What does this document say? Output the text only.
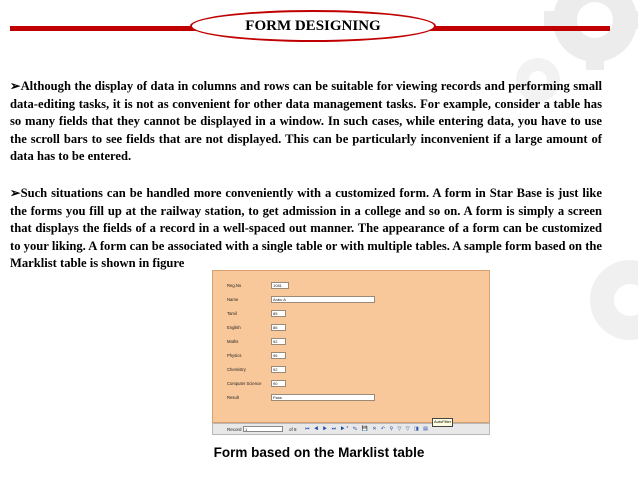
FORM DESIGNING

➢Although the display of data in columns and rows can be suitable for viewing records and performing small data-editing tasks, it is not as convenient for other data management tasks. For example, consider a table has so many fields that they cannot be displayed in a window. In such cases, while entering data, you have to use the scroll bars to see fields that are not displayed. This can be particularly inconvenient if a large amount of data has to be entered.

➢Such situations can be handled more conveniently with a customized form. A form in Star Base is just like the forms you fill up at the railway station, to get admission in a college and so on. A form is simply a screen that displays the fields of a record in a well-spaced out manner. The appearance of a form can be customized to your liking. A form can be associated with a single table or with multiple tables. A sample form based on the Marklist table is shown in figure

Reg.No	1081
Name	Anbu A
Tamil	85
English	86
Maths	92
Physics	96
Chemistry	92
Computer Science	90
Result	Pass
Record 1	of 8 ⏮ ◀ ▶ ⏭ ▶* ✎ 💾 ✕ ↶ ⚲ ▽ ▽ ◨ ▤
AutoFilter
Form based on the Marklist table
